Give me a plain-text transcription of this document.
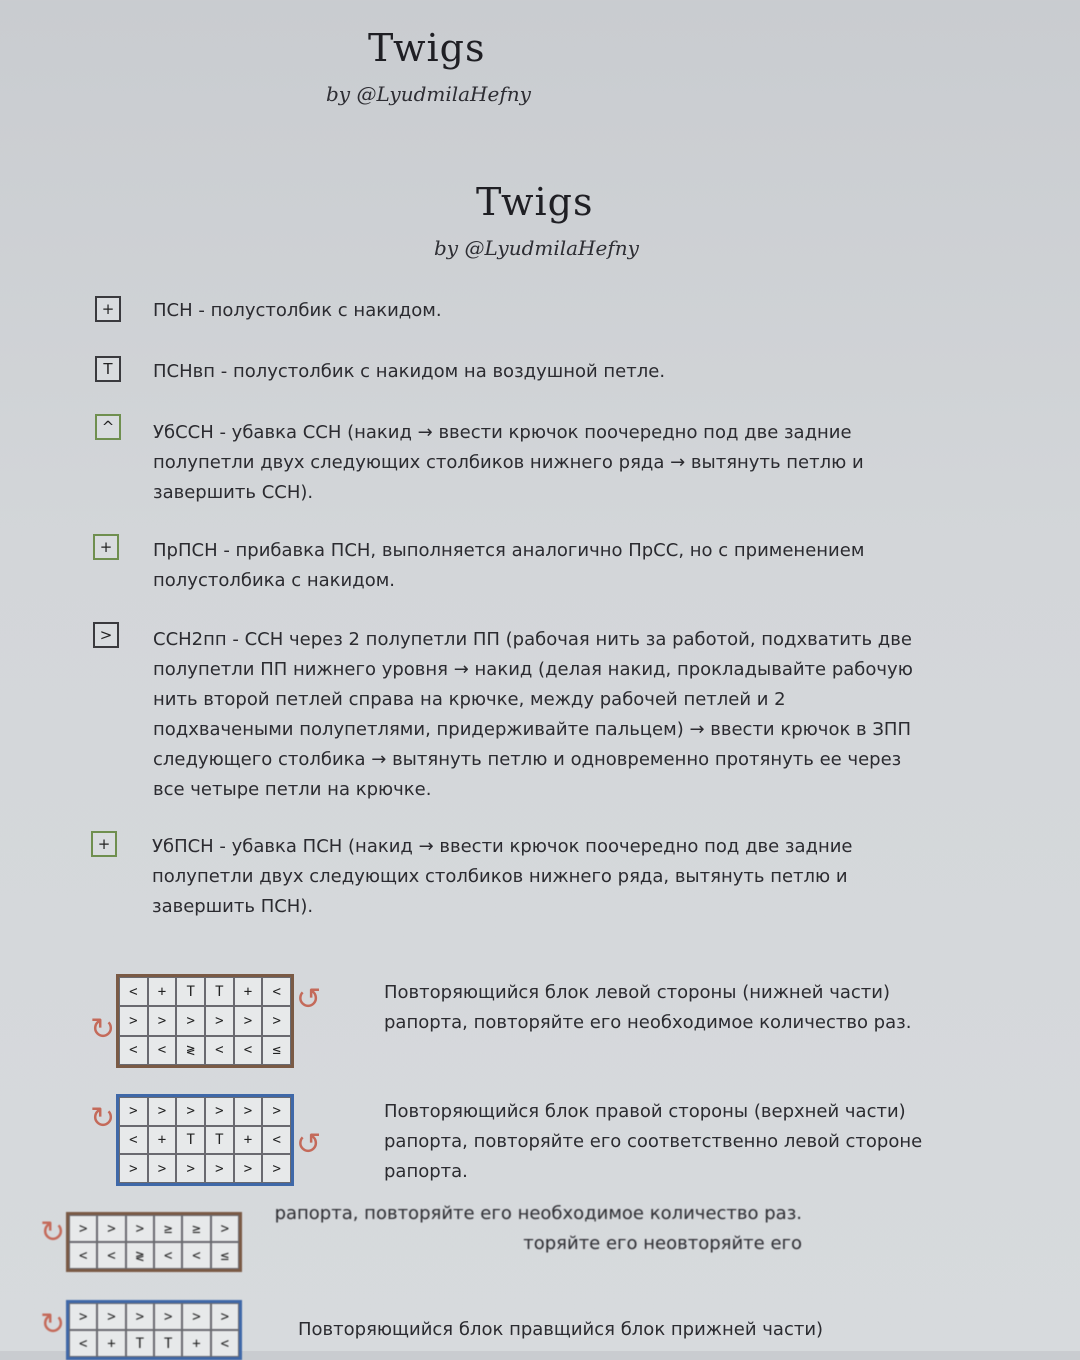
Twigs
by @LyudmilaHefny
Twigs
by @LyudmilaHefny
+	ПСН - полустолбик с накидом.
T	ПСНвп - полустолбик с накидом на воздушной петле.
^	УбССН - убавка ССН (накид → ввести крючок поочередно под две задние
полупетли двух следующих столбиков нижнего ряда → вытянуть петлю и
завершить ССН).
+	ПрПСН - прибавка ПСН, выполняется аналогично ПрСС, но с применением
полустолбика с накидом.
>	ССН2пп - ССН через 2 полупетли ПП (рабочая нить за работой, подхватить две
полупетли ПП нижнего уровня → накид (делая накид, прокладывайте рабочую
нить второй петлей справа на крючке, между рабочей петлей и 2
подхвачеными полупетлями, придерживайте пальцем) → ввести крючок в ЗПП
следующего столбика → вытянуть петлю и одновременно протянуть ее через
все четыре петли на крючке.
+	УбПСН - убавка ПСН (накид → ввести крючок поочередно под две задние
полупетли двух следующих столбиков нижнего ряда, вытянуть петлю и
завершить ПСН).
↺
↻
<	+	T	T	+	<
>	>	>	>	>	>
<	<	≷	<	<	≤
Повторяющийся блок левой стороны (нижней части)
рапорта, повторяйте его необходимое количество раз.
↻
↺
>	>	>	>	>	>
<	+	T	T	+	<
>	>	>	>	>	>
Повторяющийся блок правой стороны (верхней части)
рапорта, повторяйте его соответственно левой стороне
рапорта.
↻ >	>	>	≥	≥	>
<	<	≷	<	<	≤
рапорта, повторяйте его необходимое количество раз.
торяйте его неовторяйте его
↻ >	>	>	>	>	>
<	+	T	T	+	<
Повторяющийся блок правщийся блок прижней части)
